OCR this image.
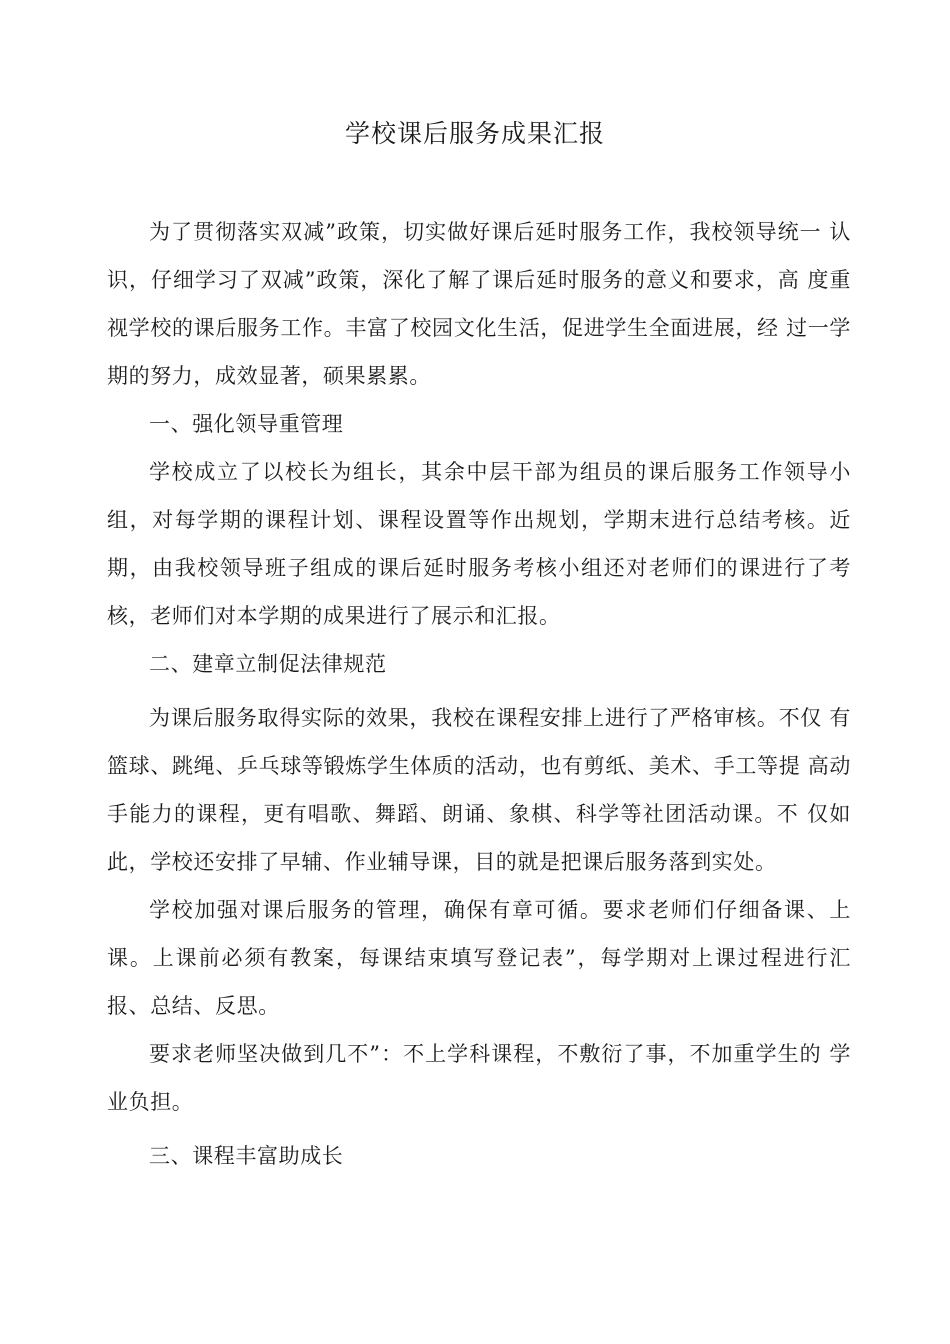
学校课后服务成果汇报

为了贯彻落实双减”政策，切实做好课后延时服务工作，我校领导统一 认识，仔细学习了双减”政策，深化了解了课后延时服务的意义和要求，高 度重视学校的课后服务工作。丰富了校园文化生活，促进学生全面进展，经 过一学期的努力，成效显著，硕果累累。

一、强化领导重管理

学校成立了以校长为组长，其余中层干部为组员的课后服务工作领导小组，对每学期的课程计划、课程设置等作出规划，学期末进行总结考核。近期，由我校领导班子组成的课后延时服务考核小组还对老师们的课进行了考核，老师们对本学期的成果进行了展示和汇报。

二、建章立制促法律规范

为课后服务取得实际的效果，我校在课程安排上进行了严格审核。不仅 有篮球、跳绳、乒乓球等锻炼学生体质的活动，也有剪纸、美术、手工等提 高动手能力的课程，更有唱歌、舞蹈、朗诵、象棋、科学等社团活动课。不 仅如此，学校还安排了早辅、作业辅导课，目的就是把课后服务落到实处。

学校加强对课后服务的管理，确保有章可循。要求老师们仔细备课、上课。上课前必须有教案，每课结束填写登记表”，每学期对上课过程进行汇报、总结、反思。

要求老师坚决做到几不”：不上学科课程，不敷衍了事，不加重学生的 学业负担。

三、课程丰富助成长
